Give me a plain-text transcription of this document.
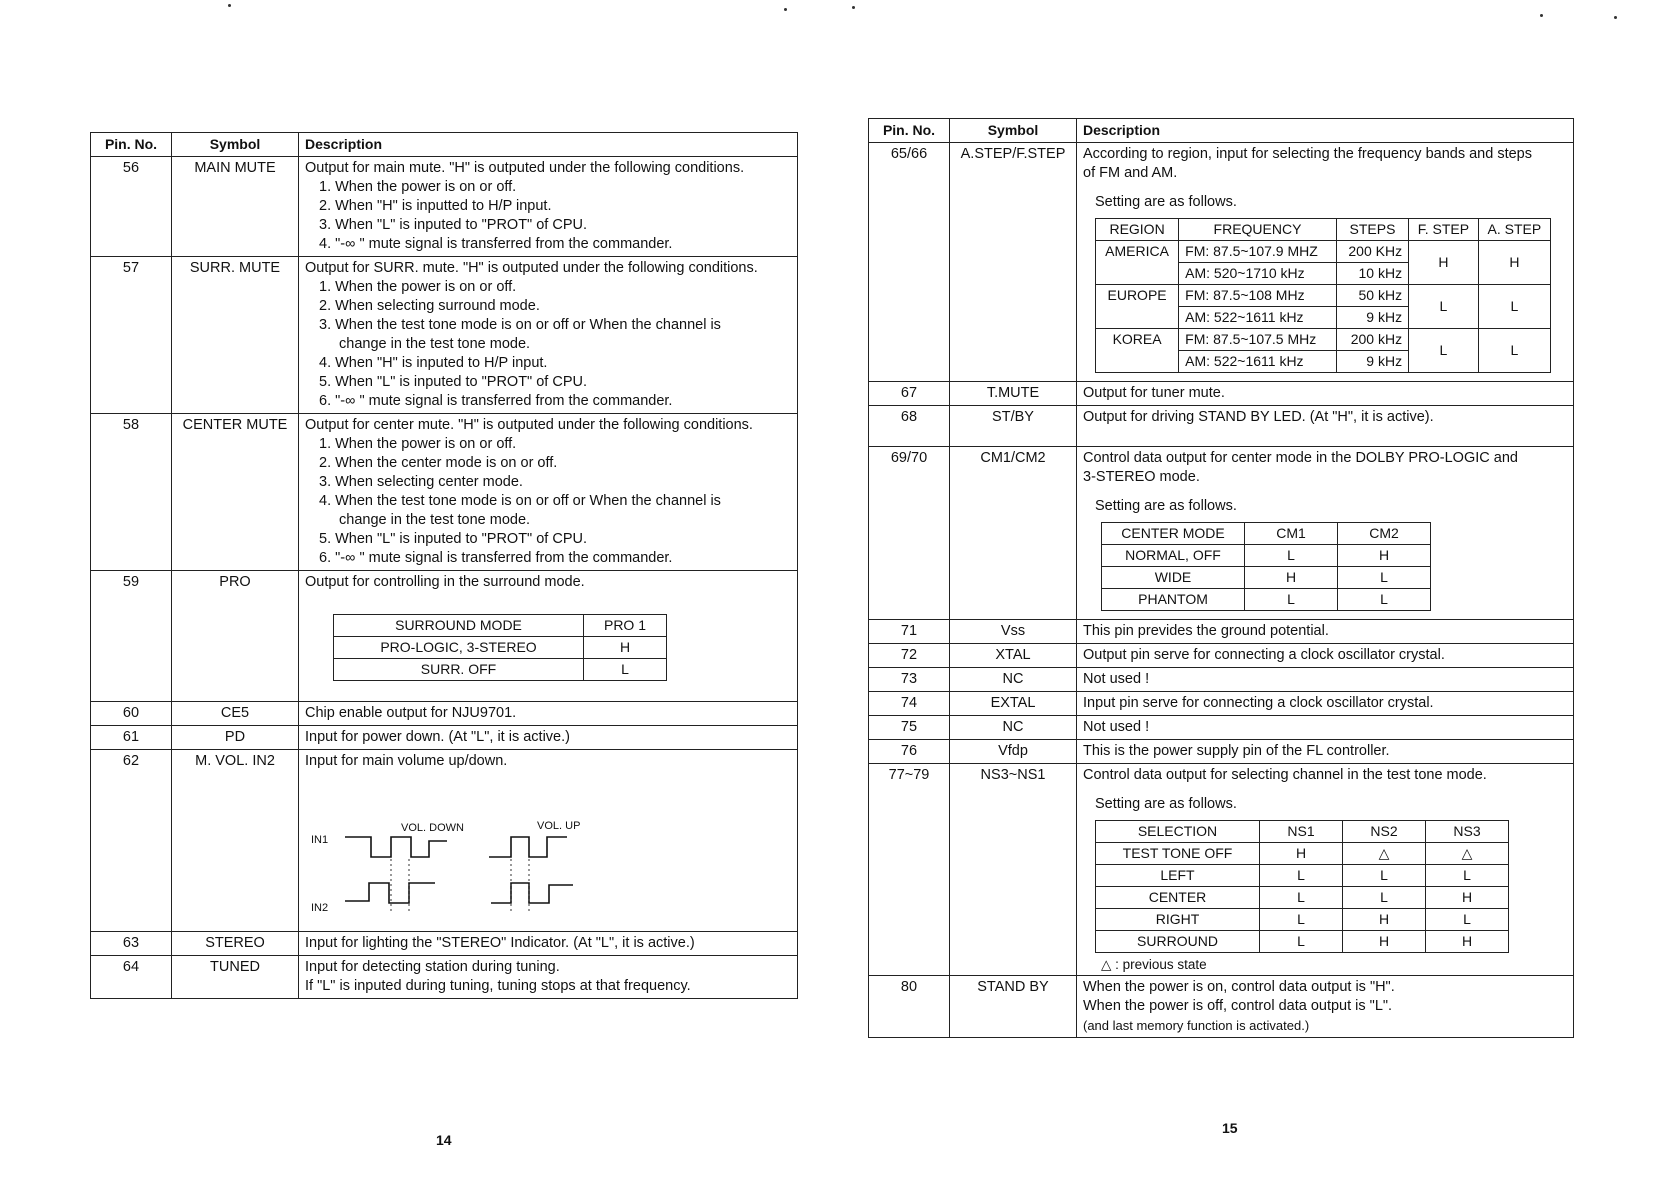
Pin. No.	Symbol	Description
56	MAIN MUTE	Output for main mute. "H" is outputed under the following conditions.
1. When the power is on or off.
2. When "H" is inputted to H/P input.
3. When "L" is inputed to "PROT" of CPU.
4. "-∞ " mute signal is transferred from the commander.

57	SURR. MUTE	Output for SURR. mute. "H" is outputed under the following conditions.
1. When the power is on or off.
2. When selecting surround mode.
3. When the test tone mode is on or off or When the channel is
change in the test tone mode.
4. When "H" is inputed to H/P input.
5. When "L" is inputed to "PROT" of CPU.
6. "-∞ " mute signal is transferred from the commander.

58	CENTER MUTE	Output for center mute. "H" is outputed under the following conditions.
1. When the power is on or off.
2. When the center mode is on or off.
3. When selecting center mode.
4. When the test tone mode is on or off or When the channel is
change in the test tone mode.
5. When "L" is inputed to "PROT" of CPU.
6. "-∞ " mute signal is transferred from the commander.

59	PRO	Output for controlling in the surround mode.
SURROUND MODE	PRO 1
PRO-LOGIC, 3-STEREO	H
SURR. OFF	L

60	CE5	Chip enable output for NJU9701.
61	PD	Input for power down. (At "L", it is active.)
62	M. VOL. IN2	Input for main volume up/down.
VOL. DOWN	VOL. UP
IN1
IN2

63	STEREO	Input for lighting the "STEREO" Indicator. (At "L", it is active.)
64	TUNED	Input for detecting station during tuning.
If "L" is inputed during tuning, tuning stops at that frequency.
14
Pin. No.	Symbol	Description
65/66	A.STEP/F.STEP	According to region, input for selecting the frequency bands and steps
of FM and AM.
Setting are as follows.
REGION	FREQUENCY	STEPS	F. STEP	A. STEP
AMERICA	FM: 87.5~107.9 MHZ	200 KHz	H	H
AM: 520~1710 kHz	10 kHz
EUROPE	FM: 87.5~108 MHz	50 kHz	L	L
AM: 522~1611 kHz	9 kHz
KOREA	FM: 87.5~107.5 MHz	200 kHz	L	L
AM: 522~1611 kHz	9 kHz

67	T.MUTE	Output for tuner mute.
68	ST/BY	Output for driving STAND BY LED. (At "H", it is active).
69/70	CM1/CM2	Control data output for center mode in the DOLBY PRO-LOGIC and
3-STEREO mode.
Setting are as follows.
CENTER MODE	CM1	CM2
NORMAL, OFF	L	H
WIDE	H	L
PHANTOM	L	L

71	Vss	This pin prevides the ground potential.
72	XTAL	Output pin serve for connecting a clock oscillator crystal.
73	NC	Not used !
74	EXTAL	Input pin serve for connecting a clock oscillator crystal.
75	NC	Not used !
76	Vfdp	This is the power supply pin of the FL controller.
77~79	NS3~NS1	Control data output for selecting channel in the test tone mode.
Setting are as follows.
SELECTION	NS1	NS2	NS3
TEST TONE OFF	H	△	△
LEFT	L	L	L
CENTER	L	L	H
RIGHT	L	H	L
SURROUND	L	H	H
△ : previous state

80	STAND BY	When the power is on, control data output is "H".
When the power is off, control data output is "L".
(and last memory function is activated.)
15
